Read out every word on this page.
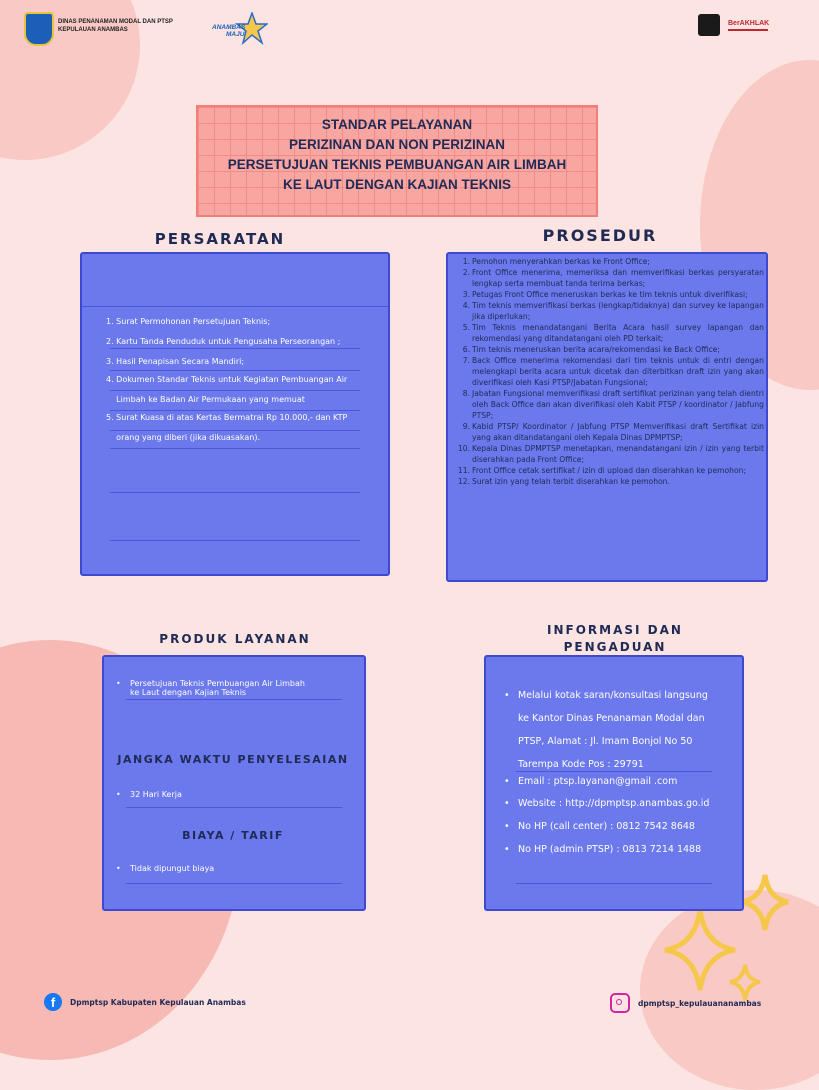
DINAS PENANAMAN MODAL DAN PTSP
KEPULAUAN ANAMBAS	ANAMBAS
MAJU
BerAKHLAK
STANDAR PELAYANAN
PERIZINAN DAN NON PERIZINAN
PERSETUJUAN TEKNIS PEMBUANGAN AIR LIMBAH
KE LAUT DENGAN KAJIAN TEKNIS
PERSARATAN
1. Surat Permohonan Persetujuan Teknis;
2. Kartu Tanda Penduduk untuk Pengusaha Perseorangan ;
3. Hasil Penapisan Secara Mandiri;
4. Dokumen Standar Teknis untuk Kegiatan Pembuangan Air
Limbah ke Badan Air Permukaan yang memuat
5. Surat Kuasa di atas Kertas Bermatrai Rp 10.000,- dan KTP
orang yang diberi (jika dikuasakan).
PROSEDUR
1. Pemohon menyerahkan berkas ke Front Office;
2. Front Office menerima, memeriksa dan memverifikasi berkas persyaratan lengkap serta membuat tanda terima berkas;
3. Petugas Front Office meneruskan berkas ke tim teknis untuk diverifikasi;
4. Tim teknis memverifikasi berkas (lengkap/tidaknya) dan survey ke lapangan jika diperlukan;
5. Tim Teknis menandatangani Berita Acara hasil survey lapangan dan rekomendasi yang ditandatangani oleh PD terkait;
6. Tim teknis meneruskan berita acara/rekomendasi ke Back Office;
7. Back Office menerima rekomendasi dari tim teknis untuk di entri dengan melengkapi berita acara untuk dicetak dan diterbitkan draft izin yang akan diverifikasi oleh Kasi PTSP/Jabatan Fungsional;
8. Jabatan Fungsional memverifikasi draft sertifikat perizinan yang telah dientri oleh Back Office dan akan diverifikasi oleh Kabit PTSP / koordinator / Jabfung PTSP;
9. Kabid PTSP/ Koordinator / Jabfung PTSP Memverifikasi draft Sertifikat izin yang akan ditandatangani oleh Kepala Dinas DPMPTSP;
10. Kepala Dinas DPMPTSP menetapkan, menandatangani izin / izin yang terbit diserahkan pada Front Office;
11. Front Office cetak sertifikat / izin di upload dan diserahkan ke pemohon;
12. Surat izin yang telah terbit diserahkan ke pemohon.
PRODUK LAYANAN
•	Persetujuan Teknis Pembuangan Air Limbah
ke Laut dengan Kajian Teknis
JANGKA WAKTU PENYELESAIAN
•	32 Hari Kerja
BIAYA / TARIF
•	Tidak dipungut biaya
INFORMASI DAN
PENGADUAN
• Melalui kotak saran/konsultasi langsung
ke Kantor Dinas Penanaman Modal dan
PTSP, Alamat : Jl. Imam Bonjol No 50
Tarempa Kode Pos : 29791
• Email : ptsp.layanan@gmail .com
• Website : http://dpmptsp.anambas.go.id
• No HP (call center) : 0812 7542 8648
• No HP (admin PTSP) : 0813 7214 1488
f	Dpmptsp Kabupaten Kepulauan Anambas	dpmptsp_kepulauananambas
